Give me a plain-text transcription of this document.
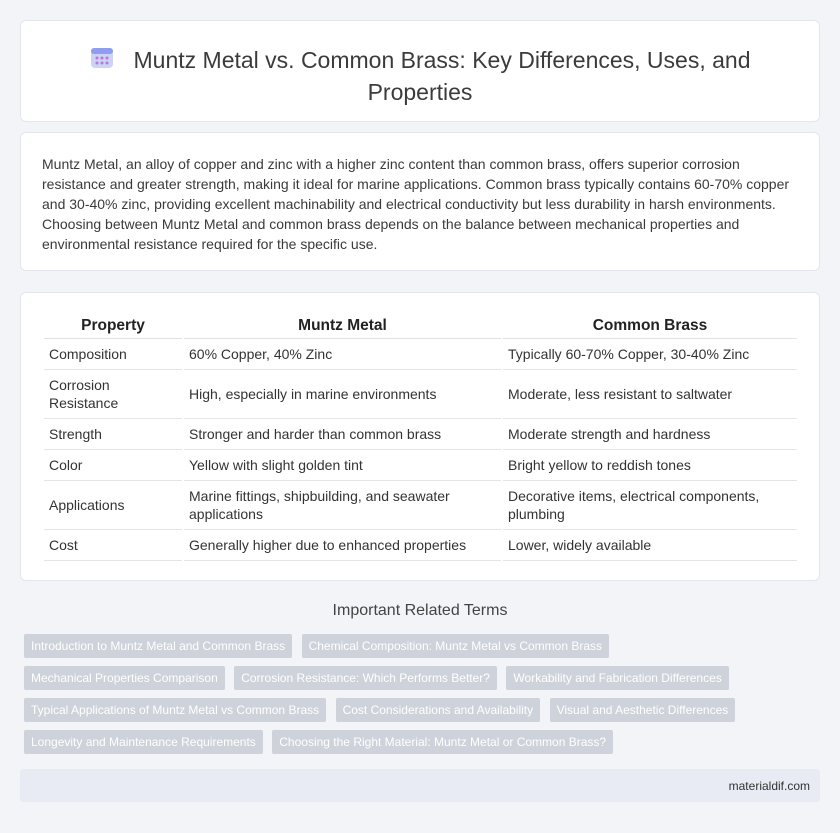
Muntz Metal vs. Common Brass: Key Differences, Uses, and Properties

Muntz Metal, an alloy of copper and zinc with a higher zinc content than common brass, offers superior corrosion resistance and greater strength, making it ideal for marine applications. Common brass typically contains 60-70% copper and 30-40% zinc, providing excellent machinability and electrical conductivity but less durability in harsh environments. Choosing between Muntz Metal and common brass depends on the balance between mechanical properties and environmental resistance required for the specific use.

Property	Muntz Metal	Common Brass
Composition	60% Copper, 40% Zinc	Typically 60-70% Copper, 30-40% Zinc
Corrosion Resistance	High, especially in marine environments	Moderate, less resistant to saltwater
Strength	Stronger and harder than common brass	Moderate strength and hardness
Color	Yellow with slight golden tint	Bright yellow to reddish tones
Applications	Marine fittings, shipbuilding, and seawater applications	Decorative items, electrical components, plumbing
Cost	Generally higher due to enhanced properties	Lower, widely available
Important Related Terms
Introduction to Muntz Metal and Common Brass Chemical Composition: Muntz Metal vs Common Brass
Mechanical Properties Comparison Corrosion Resistance: Which Performs Better? Workability and Fabrication Differences
Typical Applications of Muntz Metal vs Common Brass Cost Considerations and Availability Visual and Aesthetic Differences
Longevity and Maintenance Requirements Choosing the Right Material: Muntz Metal or Common Brass?
materialdif.com
